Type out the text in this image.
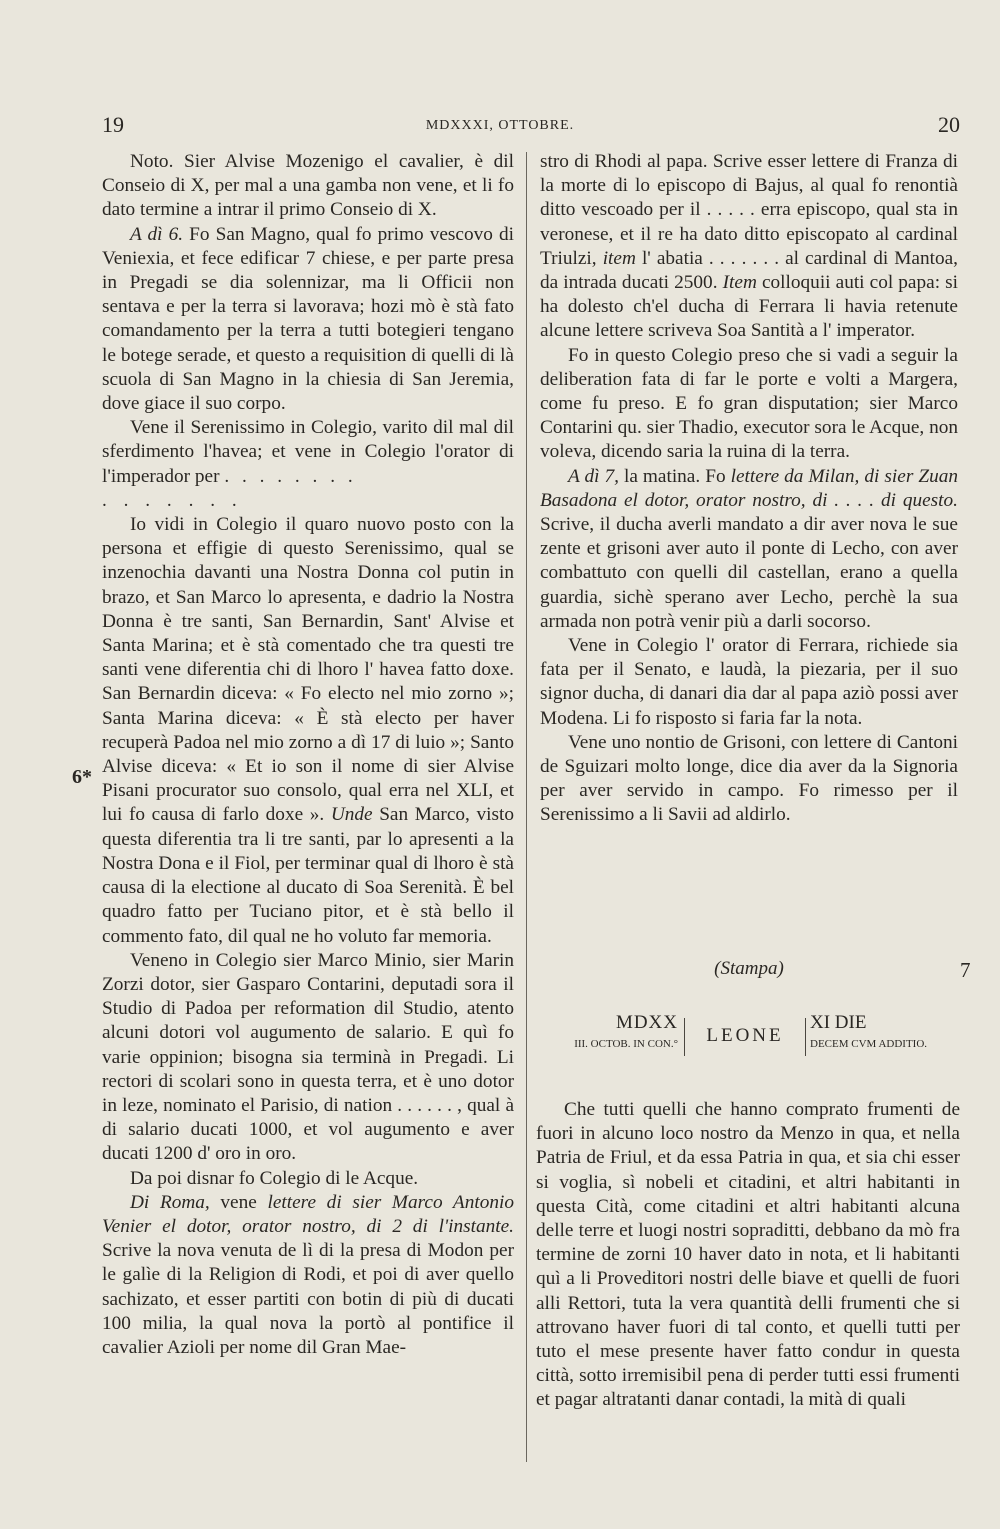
19	MDXXXI, OTTOBRE.	20

Noto. Sier Alvise Mozenigo el cavalier, è dil Conseio di X, per mal a una gamba non vene, et li fo dato termine a intrar il primo Conseio di X.

A dì 6. Fo San Magno, qual fo primo vescovo di Veniexia, et fece edificar 7 chiese, e per parte presa in Pregadi se dia solennizar, ma li Officii non sentava e per la terra si lavorava; hozi mò è stà fato comandamento per la terra a tutti botegieri tengano le botege serade, et questo a requisition di quelli di là scuola di San Magno in la chiesia di San Jeremia, dove giace il suo corpo.

Vene il Serenissimo in Colegio, varito dil mal dil sferdimento l'havea; et vene in Colegio l'orator di l'imperador per . . . . . . . .

. . . . . . .

Io vidi in Colegio il quaro nuovo posto con la persona et effigie di questo Serenissimo, qual se inzenochia davanti una Nostra Donna col putin in brazo, et San Marco lo apresenta, e dadrio la Nostra Donna è tre santi, San Bernardin, Sant' Alvise et Santa Marina; et è stà comentado che tra questi tre santi vene diferentia chi di lhoro l' havea fatto doxe. San Bernardin diceva: « Fo electo nel mio zorno »; Santa Marina diceva: « È stà electo per haver recuperà Padoa nel mio zorno a dì 17 di luio »; Santo Alvise diceva: « Et io son il nome di sier Alvise Pisani procurator suo consolo, qual erra nel XLI, et lui fo causa di farlo doxe ». Unde San Marco, visto questa diferentia tra li tre santi, par lo apresenti a la Nostra Dona e il Fiol, per terminar qual di lhoro è stà causa di la electione al ducato di Soa Serenità. È bel quadro fatto per Tuciano pitor, et è stà bello il commento fato, dil qual ne ho voluto far memoria.

Veneno in Colegio sier Marco Minio, sier Marin Zorzi dotor, sier Gasparo Contarini, deputadi sora il Studio di Padoa per reformation dil Studio, atento alcuni dotori vol augumento de salario. E quì fo varie oppinion; bisogna sia terminà in Pregadi. Li rectori di scolari sono in questa terra, et è uno dotor in leze, nominato el Parisio, di nation . . . . . . , qual à di salario ducati 1000, et vol augumento e aver ducati 1200 d' oro in oro.

Da poi disnar fo Colegio di le Acque.

Di Roma, vene lettere di sier Marco Antonio Venier el dotor, orator nostro, di 2 di l'instante. Scrive la nova venuta de lì di la presa di Modon per le galìe di la Religion di Rodi, et poi di aver quello sachizato, et esser partiti con botin di più di ducati 100 milia, la qual nova la portò al pontifice il cavalier Azioli per nome dil Gran Mae-

stro di Rhodi al papa. Scrive esser lettere di Franza di la morte di lo episcopo di Bajus, al qual fo renontià ditto vescoado per il . . . . . erra episcopo, qual sta in veronese, et il re ha dato ditto episcopato al cardinal Triulzi, item l' abatia . . . . . . . al cardinal di Mantoa, da intrada ducati 2500. Item colloquii auti col papa: si ha dolesto ch'el ducha di Ferrara li havia retenute alcune lettere scriveva Soa Santità a l' imperator.

Fo in questo Colegio preso che si vadi a seguir la deliberation fata di far le porte e volti a Margera, come fu preso. E fo gran disputation; sier Marco Contarini qu. sier Thadio, executor sora le Acque, non voleva, dicendo saria la ruina di la terra.

A dì 7, la matina. Fo lettere da Milan, di sier Zuan Basadona el dotor, orator nostro, di . . . . di questo. Scrive, il ducha averli mandato a dir aver nova le sue zente et grisoni aver auto il ponte di Lecho, con aver combattuto con quelli dil castellan, erano a quella guardia, sichè sperano aver Lecho, perchè la sua armada non potrà venir più a darli socorso.

Vene in Colegio l' orator di Ferrara, richiede sia fata per il Senato, e laudà, la piezaria, per il suo signor ducha, di danari dia dar al papa aziò possi aver Modena. Li fo risposto si faria far la nota.

Vene uno nontio de Grisoni, con lettere di Cantoni de Sguizari molto longe, dice dia aver da la Signoria per aver servido in campo. Fo rimesso per il Serenissimo a li Savii ad aldirlo.

6*
7
(Stampa)
MDXX
III. OCTOB. IN CON.°	LEONE
XI DIE
DECEM CVM ADDITIO.

Che tutti quelli che hanno comprato frumenti de fuori in alcuno loco nostro da Menzo in qua, et nella Patria de Friul, et da essa Patria in qua, et sia chi esser si voglia, sì nobeli et citadini, et altri habitanti in questa Cità, come citadini et altri habitanti alcuna delle terre et luogi nostri sopraditti, debbano da mò fra termine de zorni 10 haver dato in nota, et li habitanti quì a li Proveditori nostri delle biave et quelli de fuori alli Rettori, tuta la vera quantità delli frumenti che si attrovano haver fuori di tal conto, et quelli tutti per tuto el mese presente haver fatto condur in questa città, sotto irremisibil pena di perder tutti essi frumenti et pagar altratanti danar contadi, la mità di quali
